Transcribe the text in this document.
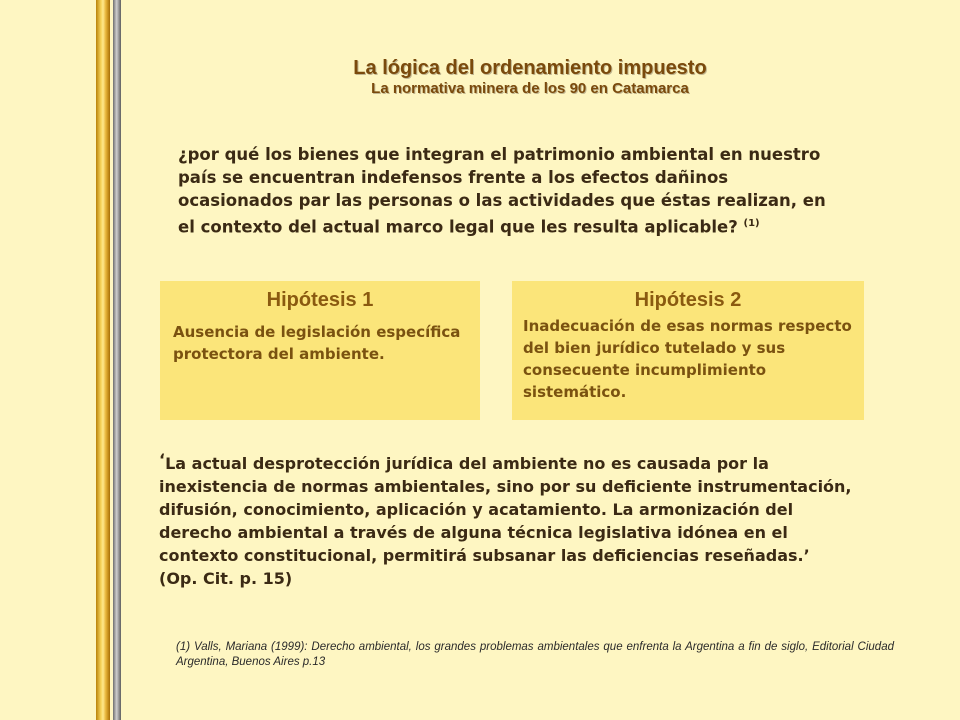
La lógica del ordenamiento impuesto
La normativa minera de los 90 en Catamarca
¿por qué los bienes que integran el patrimonio ambiental en nuestro país se encuentran indefensos frente a los efectos dañinos ocasionados par las personas o las actividades que éstas realizan, en el contexto del actual marco legal que les resulta aplicable? $^{(1)}$
Hipótesis 1

Ausencia de legislación específica protectora del ambiente.

Hipótesis 2

Inadecuación de esas normas respecto del bien jurídico tutelado y sus consecuente incumplimiento sistemático.

‘La actual desprotección jurídica del ambiente no es causada por la inexistencia de normas ambientales, sino por su deficiente instrumentación, difusión, conocimiento, aplicación y acatamiento. La armonización del derecho ambiental a través de alguna técnica legislativa idónea en el contexto constitucional, permitirá subsanar las deficiencias reseñadas.’
(Op. Cit. p. 15)
(1) Valls, Mariana (1999): Derecho ambiental, los grandes problemas ambientales que enfrenta la Argentina a fin de siglo, Editorial Ciudad Argentina, Buenos Aires p.13
